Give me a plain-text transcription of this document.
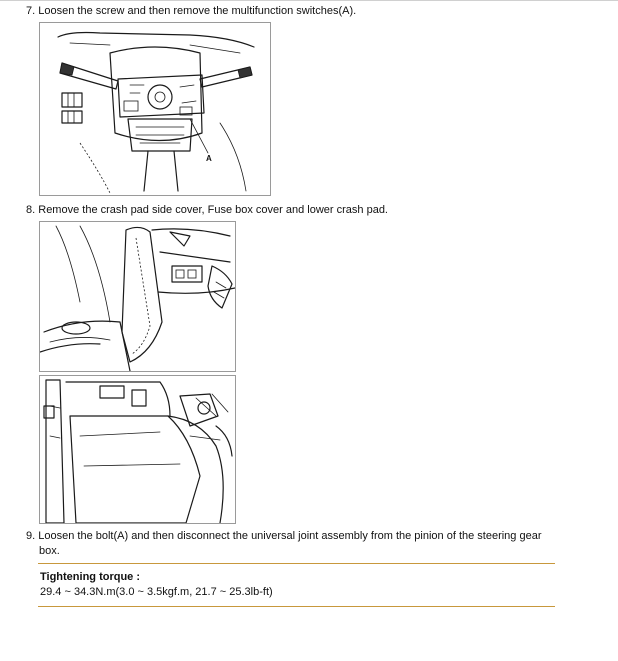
7. Loosen the screw and then remove the multifunction switches(A).
A
8. Remove the crash pad side cover, Fuse box cover and lower crash pad.
9. Loosen the bolt(A) and then disconnect the universal joint assembly from the pinion of the steering gear
box.
Tightening torque :
29.4 ~ 34.3N.m(3.0 ~ 3.5kgf.m, 21.7 ~ 25.3lb-ft)
